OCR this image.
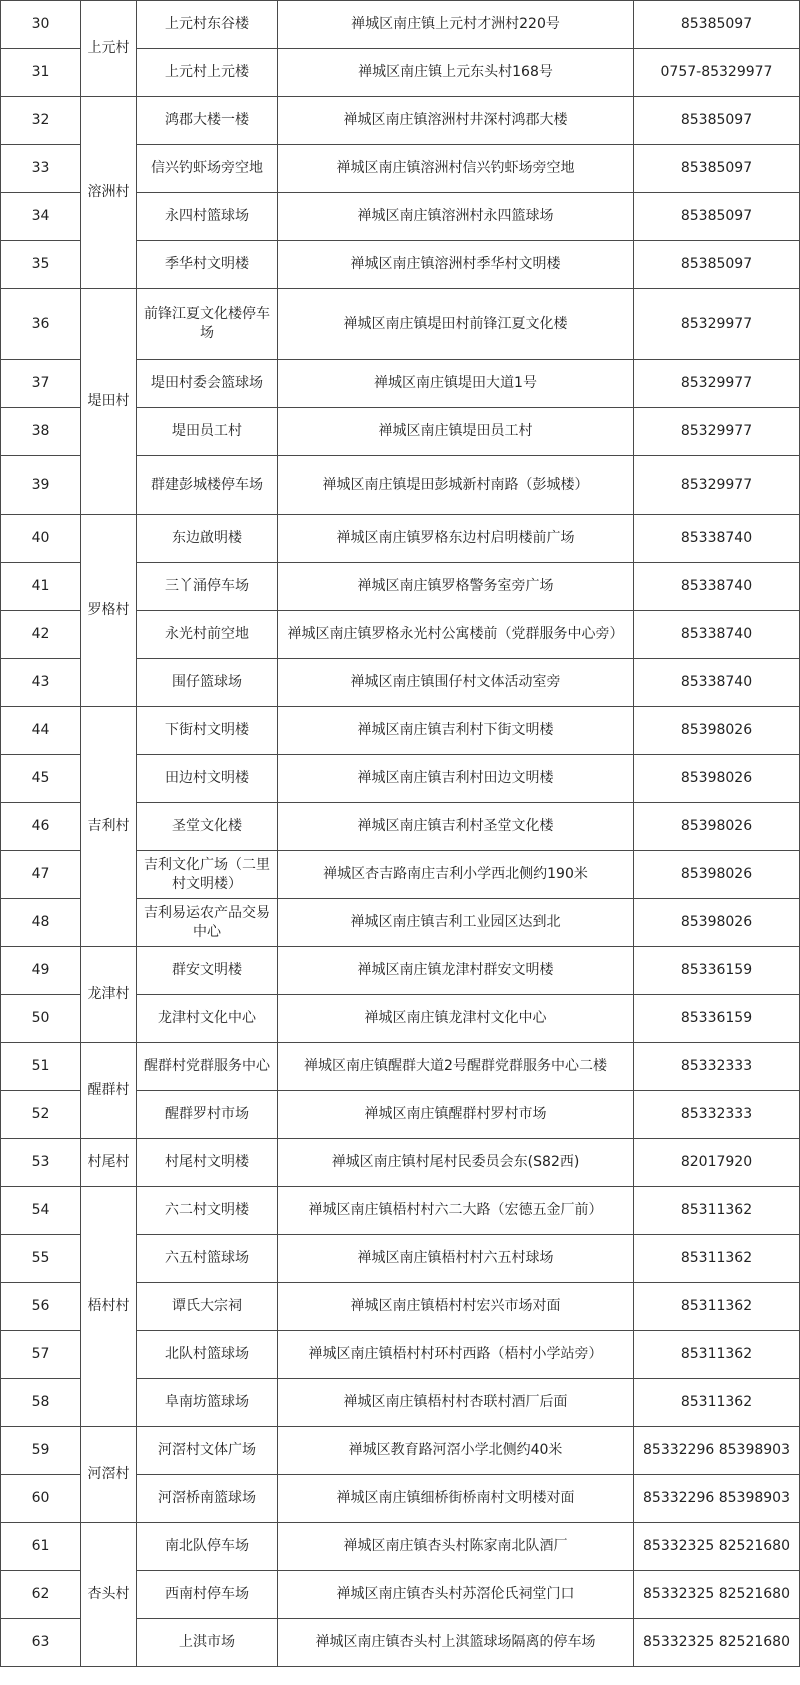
30	上元村	上元村东谷楼	禅城区南庄镇上元村才洲村220号	85385097
31		上元村上元楼	禅城区南庄镇上元东头村168号	0757-85329977
32	溶洲村	鸿郡大楼一楼	禅城区南庄镇溶洲村井深村鸿郡大楼	85385097
33		信兴钓虾场旁空地	禅城区南庄镇溶洲村信兴钓虾场旁空地	85385097
34		永四村篮球场	禅城区南庄镇溶洲村永四篮球场	85385097
35		季华村文明楼	禅城区南庄镇溶洲村季华村文明楼	85385097
36	堤田村	前锋江夏文化楼停车场	禅城区南庄镇堤田村前锋江夏文化楼	85329977
37		堤田村委会篮球场	禅城区南庄镇堤田大道1号	85329977
38		堤田员工村	禅城区南庄镇堤田员工村	85329977
39		群建彭城楼停车场	禅城区南庄镇堤田彭城新村南路（彭城楼）	85329977
40	罗格村	东边啟明楼	禅城区南庄镇罗格东边村启明楼前广场	85338740
41		三丫涌停车场	禅城区南庄镇罗格警务室旁广场	85338740
42		永光村前空地	禅城区南庄镇罗格永光村公寓楼前（党群服务中心旁）	85338740
43		围仔篮球场	禅城区南庄镇围仔村文体活动室旁	85338740
44	吉利村	下街村文明楼	禅城区南庄镇吉利村下街文明楼	85398026
45		田边村文明楼	禅城区南庄镇吉利村田边文明楼	85398026
46		圣堂文化楼	禅城区南庄镇吉利村圣堂文化楼	85398026
47		吉利文化广场（二里村文明楼）	禅城区杏吉路南庄吉利小学西北侧约190米	85398026
48		吉利易运农产品交易中心	禅城区南庄镇吉利工业园区达到北	85398026
49	龙津村	群安文明楼	禅城区南庄镇龙津村群安文明楼	85336159
50		龙津村文化中心	禅城区南庄镇龙津村文化中心	85336159
51	醒群村	醒群村党群服务中心	禅城区南庄镇醒群大道2号醒群党群服务中心二楼	85332333
52		醒群罗村市场	禅城区南庄镇醒群村罗村市场	85332333
53	村尾村	村尾村文明楼	禅城区南庄镇村尾村民委员会东(S82西)	82017920
54	梧村村	六二村文明楼	禅城区南庄镇梧村村六二大路（宏德五金厂前）	85311362
55		六五村篮球场	禅城区南庄镇梧村村六五村球场	85311362
56		谭氏大宗祠	禅城区南庄镇梧村村宏兴市场对面	85311362
57		北队村篮球场	禅城区南庄镇梧村村环村西路（梧村小学站旁）	85311362
58		阜南坊篮球场	禅城区南庄镇梧村村杏联村酒厂后面	85311362
59	河滘村	河滘村文体广场	禅城区教育路河滘小学北侧约40米	85332296 85398903
60		河滘桥南篮球场	禅城区南庄镇细桥街桥南村文明楼对面	85332296 85398903
61	杏头村	南北队停车场	禅城区南庄镇杏头村陈家南北队酒厂	85332325 82521680
62		西南村停车场	禅城区南庄镇杏头村苏滘伦氏祠堂门口	85332325 82521680
63		上淇市场	禅城区南庄镇杏头村上淇篮球场隔离的停车场	85332325 82521680
